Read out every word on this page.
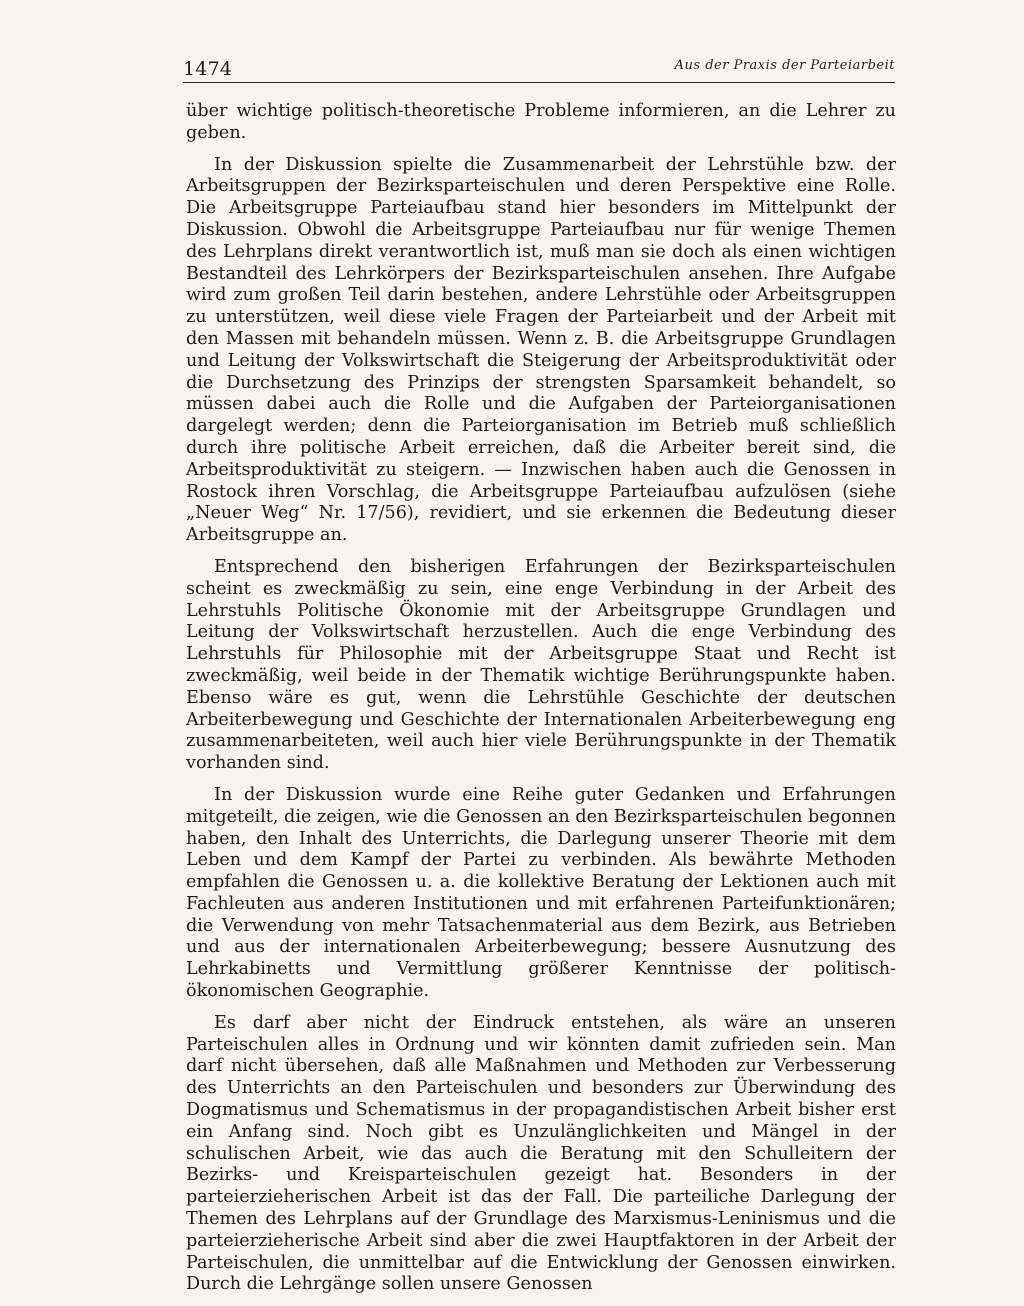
1474	Aus der Praxis der Parteiarbeit

über wichtige politisch-theoretische Probleme informieren, an die Lehrer zu geben.

In der Diskussion spielte die Zusammenarbeit der Lehrstühle bzw. der Arbeitsgruppen der Bezirksparteischulen und deren Perspektive eine Rolle. Die Arbeitsgruppe Parteiaufbau stand hier besonders im Mittelpunkt der Diskussion. Obwohl die Arbeitsgruppe Parteiaufbau nur für wenige Themen des Lehrplans direkt verantwortlich ist, muß man sie doch als einen wichtigen Bestandteil des Lehrkörpers der Bezirksparteischulen ansehen. Ihre Aufgabe wird zum großen Teil darin bestehen, andere Lehrstühle oder Arbeitsgruppen zu unterstützen, weil diese viele Fragen der Parteiarbeit und der Arbeit mit den Massen mit behandeln müssen. Wenn z. B. die Arbeitsgruppe Grundlagen und Leitung der Volkswirtschaft die Steigerung der Arbeitsproduktivität oder die Durchsetzung des Prinzips der strengsten Sparsamkeit behandelt, so müssen dabei auch die Rolle und die Aufgaben der Parteiorganisationen dargelegt werden; denn die Parteiorganisation im Betrieb muß schließlich durch ihre politische Arbeit erreichen, daß die Arbeiter bereit sind, die Arbeitsproduktivität zu steigern. — Inzwischen haben auch die Genossen in Rostock ihren Vorschlag, die Arbeitsgruppe Parteiaufbau aufzulösen (siehe „Neuer Weg“ Nr. 17/56), revidiert, und sie erkennen die Bedeutung dieser Arbeitsgruppe an.

Entsprechend den bisherigen Erfahrungen der Bezirksparteischulen scheint es zweckmäßig zu sein, eine enge Verbindung in der Arbeit des Lehrstuhls Politische Ökonomie mit der Arbeitsgruppe Grundlagen und Leitung der Volkswirtschaft herzustellen. Auch die enge Verbindung des Lehrstuhls für Philosophie mit der Arbeitsgruppe Staat und Recht ist zweckmäßig, weil beide in der Thematik wichtige Berührungspunkte haben. Ebenso wäre es gut, wenn die Lehrstühle Geschichte der deutschen Arbeiterbewegung und Geschichte der Internationalen Arbeiterbewegung eng zusammenarbeiteten, weil auch hier viele Berührungspunkte in der Thematik vorhanden sind.

In der Diskussion wurde eine Reihe guter Gedanken und Erfahrungen mitgeteilt, die zeigen, wie die Genossen an den Bezirksparteischulen begonnen haben, den Inhalt des Unterrichts, die Darlegung unserer Theorie mit dem Leben und dem Kampf der Partei zu verbinden. Als bewährte Methoden empfahlen die Genossen u. a. die kollektive Beratung der Lektionen auch mit Fachleuten aus anderen Institutionen und mit erfahrenen Parteifunktionären; die Verwendung von mehr Tatsachenmaterial aus dem Bezirk, aus Betrieben und aus der internationalen Arbeiterbewegung; bessere Ausnutzung des Lehrkabinetts und Vermittlung größerer Kenntnisse der politisch-ökonomischen Geographie.

Es darf aber nicht der Eindruck entstehen, als wäre an unseren Parteischulen alles in Ordnung und wir könnten damit zufrieden sein. Man darf nicht übersehen, daß alle Maßnahmen und Methoden zur Verbesserung des Unterrichts an den Parteischulen und besonders zur Überwindung des Dogmatismus und Schematismus in der propagandistischen Arbeit bisher erst ein Anfang sind. Noch gibt es Unzulänglichkeiten und Mängel in der schulischen Arbeit, wie das auch die Beratung mit den Schulleitern der Bezirks- und Kreisparteischulen gezeigt hat. Besonders in der parteierzieherischen Arbeit ist das der Fall. Die parteiliche Darlegung der Themen des Lehrplans auf der Grundlage des Marxismus-Leninismus und die parteierzieherische Arbeit sind aber die zwei Hauptfaktoren in der Arbeit der Parteischulen, die unmittelbar auf die Entwicklung der Genossen einwirken. Durch die Lehrgänge sollen unsere Genossen
